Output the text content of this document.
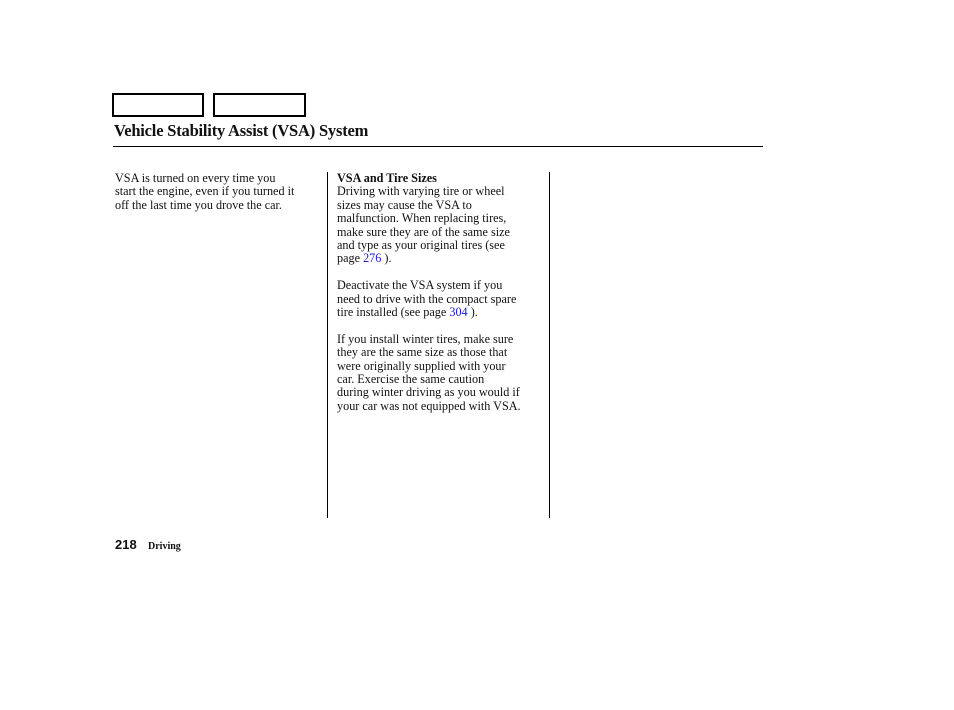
Vehicle Stability Assist (VSA) System

VSA is turned on every time you
start the engine, even if you turned it
off the last time you drove the car.

VSA and Tire Sizes

Driving with varying tire or wheel
sizes may cause the VSA to
malfunction. When replacing tires,
make sure they are of the same size
and type as your original tires (see
page 276 ).

Deactivate the VSA system if you
need to drive with the compact spare
tire installed (see page 304 ).

If you install winter tires, make sure
they are the same size as those that
were originally supplied with your
car. Exercise the same caution
during winter driving as you would if
your car was not equipped with VSA.

218 Driving
